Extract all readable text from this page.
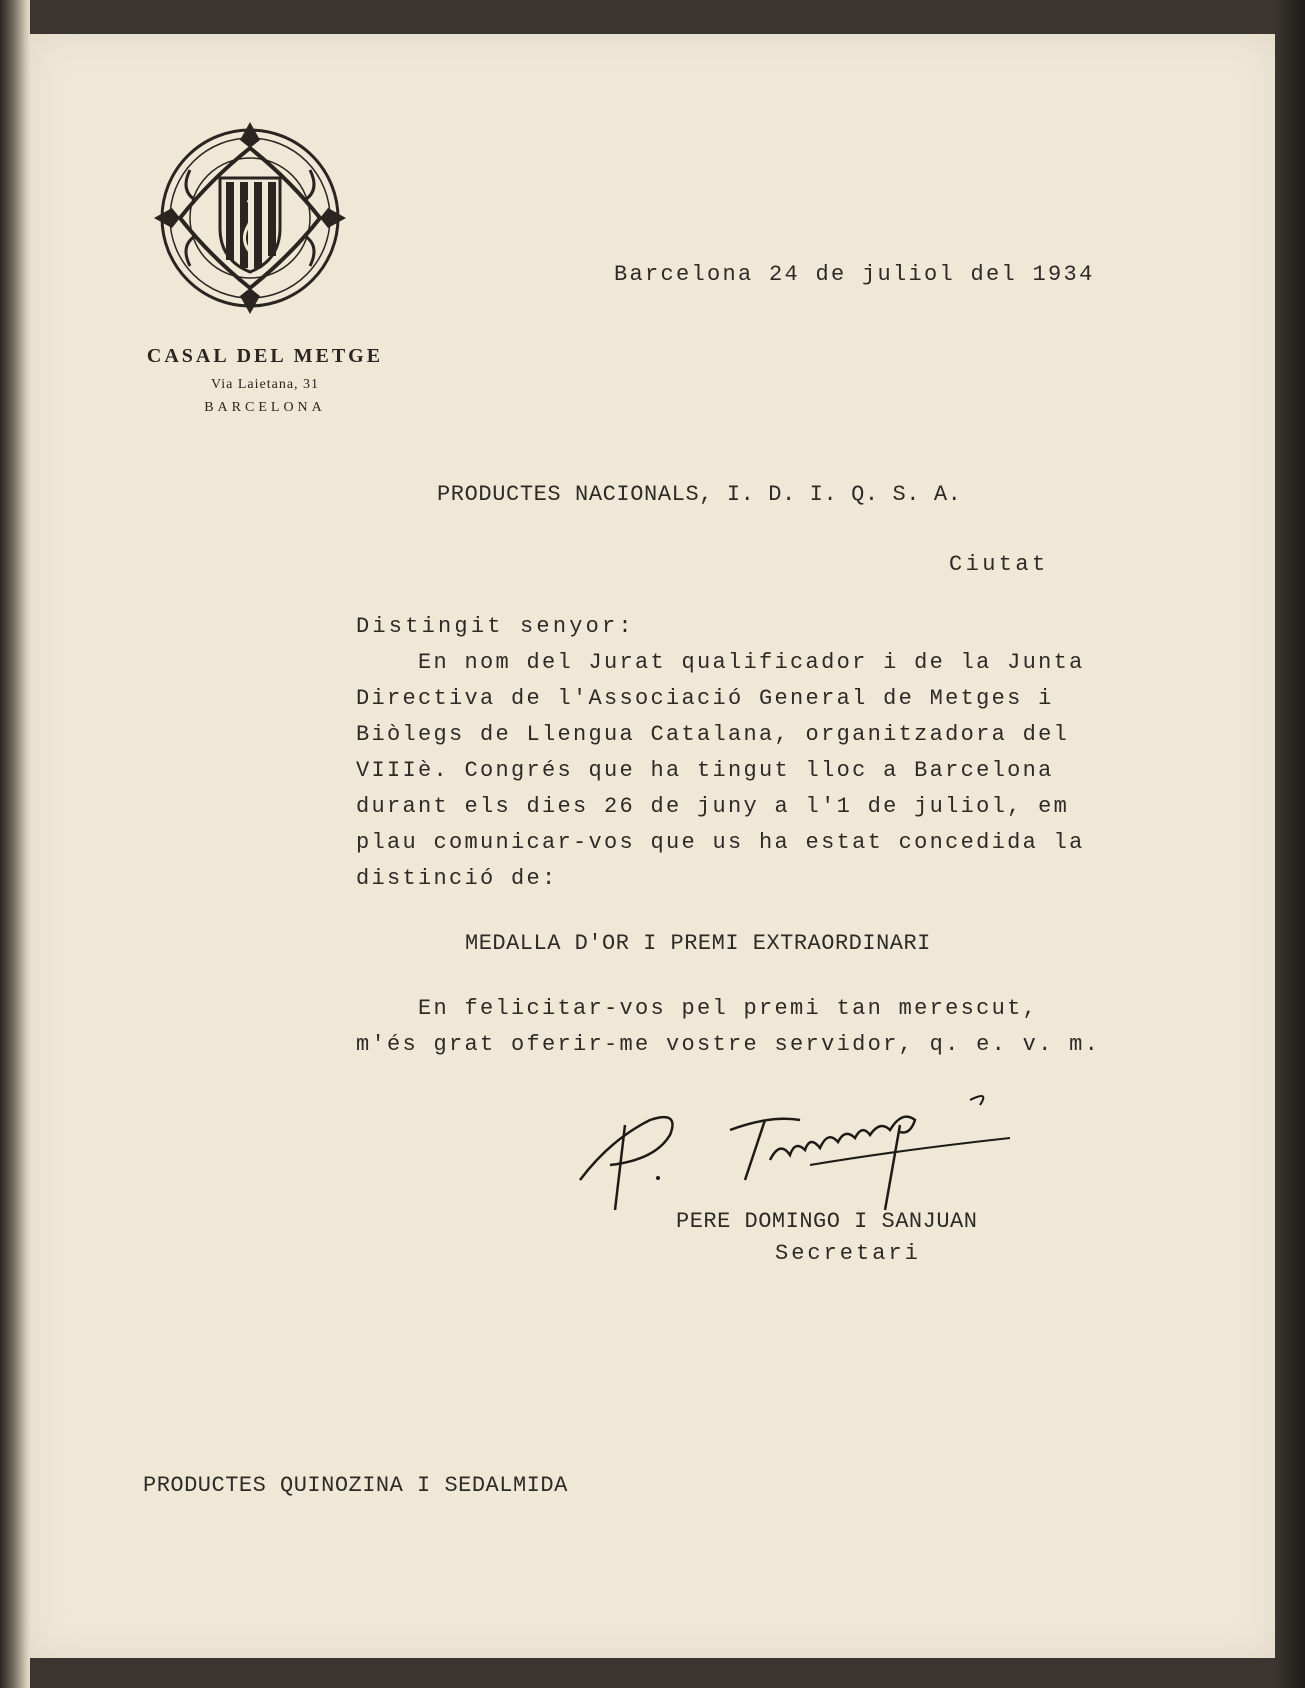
CASAL DEL METGE
Via Laietana, 31
BARCELONA
Barcelona 24 de juliol del 1934
PRODUCTES NACIONALS, I. D. I. Q. S. A.
Ciutat
Distingit senyor:
En nom del Jurat qualificador i de la Junta
Directiva de l'Associació General de Metges i
Biòlegs de Llengua Catalana, organitzadora del
VIIIè. Congrés que ha tingut lloc a Barcelona
durant els dies 26 de juny a l'1 de juliol, em
plau comunicar-vos que us ha estat concedida la
distinció de:
MEDALLA D'OR I PREMI EXTRAORDINARI
En felicitar-vos pel premi tan merescut,
m'és grat oferir-me vostre servidor, q. e. v. m.
PERE DOMINGO I SANJUAN
Secretari
PRODUCTES QUINOZINA I SEDALMIDA
